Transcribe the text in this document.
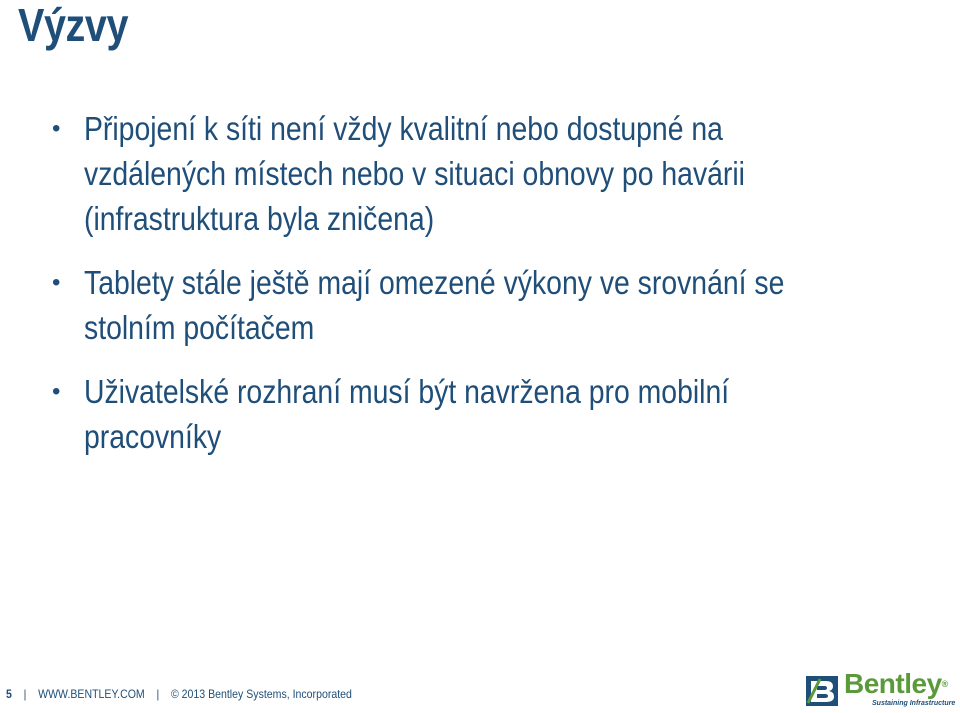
Výzvy
• Připojení k síti není vždy kvalitní nebo dostupné na
vzdálených místech nebo v situaci obnovy po havárii
(infrastruktura byla zničena)
• Tablety stále ještě mají omezené výkony ve srovnání se
stolním počítačem
• Uživatelské rozhraní musí být navržena pro mobilní
pracovníky
5 | WWW.BENTLEY.COM | © 2013 Bentley Systems, Incorporated	Bentley®
Sustaining Infrastructure
